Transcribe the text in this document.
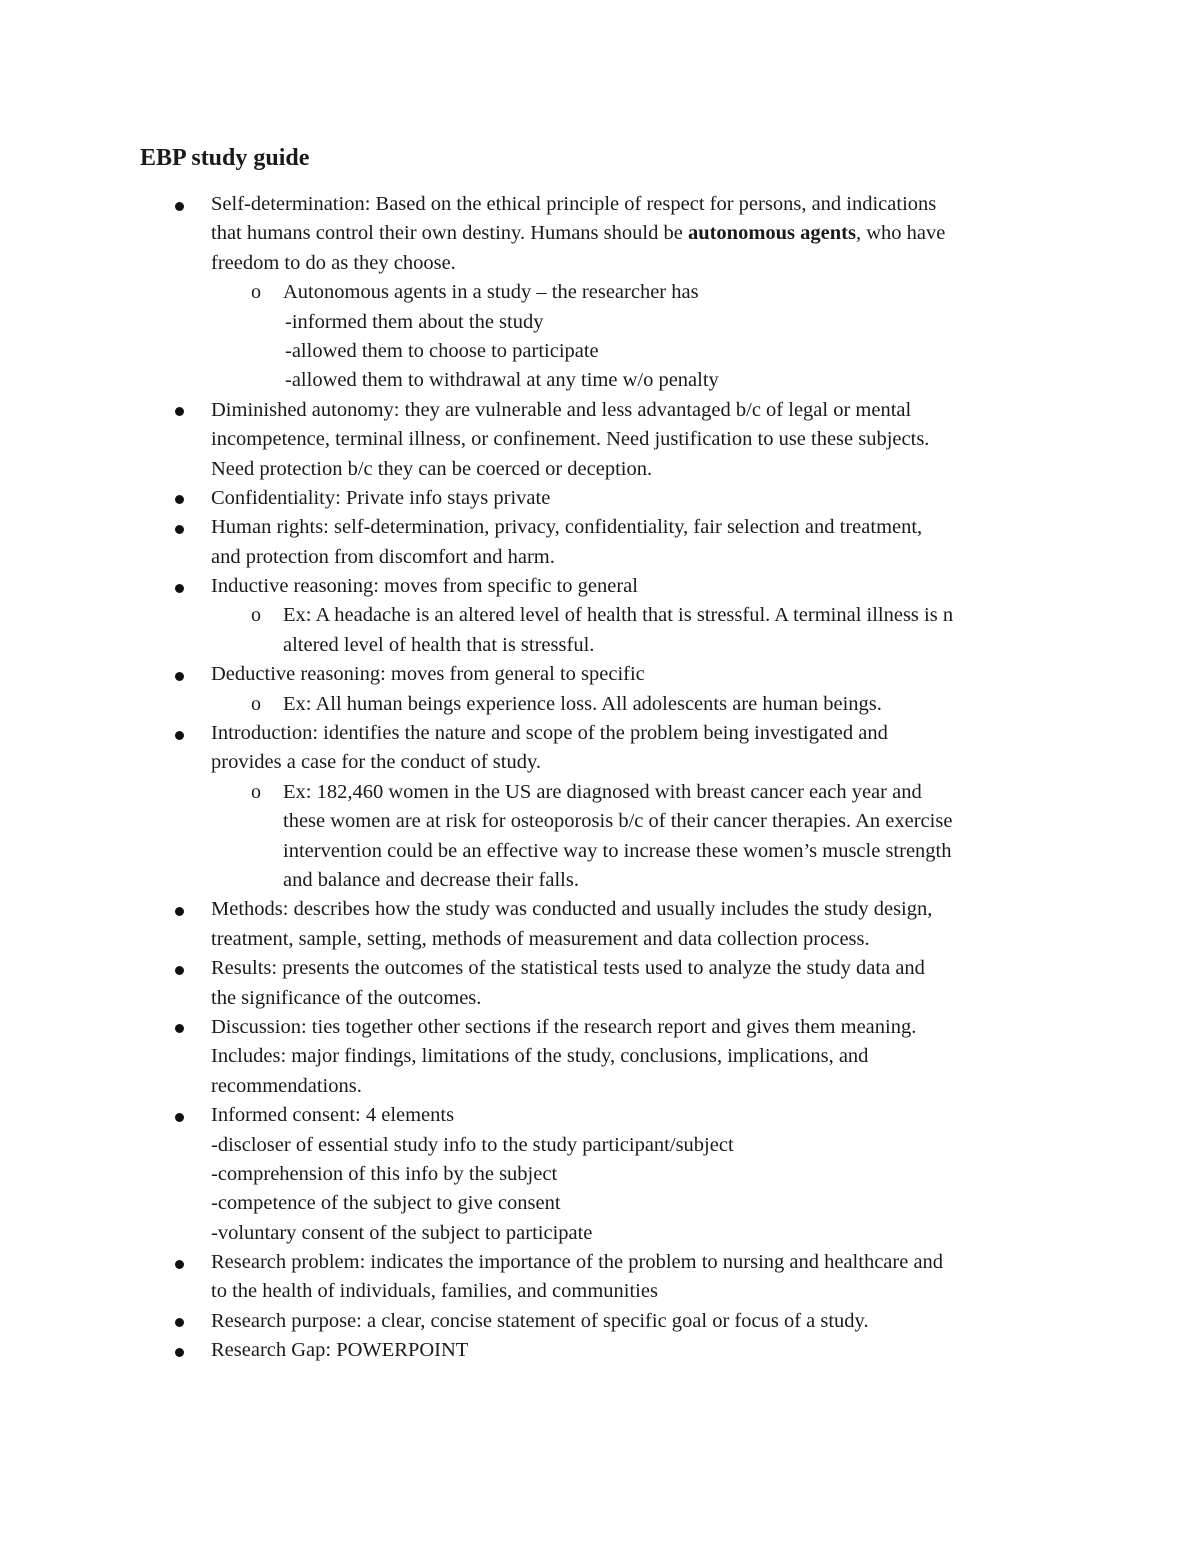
EBP study guide
Self-determination: Based on the ethical principle of respect for persons, and indications
that humans control their own destiny. Humans should be autonomous agents, who have
freedom to do as they choose.
o Autonomous agents in a study – the researcher has
-informed them about the study
-allowed them to choose to participate
-allowed them to withdrawal at any time w/o penalty
Diminished autonomy: they are vulnerable and less advantaged b/c of legal or mental
incompetence, terminal illness, or confinement. Need justification to use these subjects.
Need protection b/c they can be coerced or deception.
Confidentiality: Private info stays private
Human rights: self-determination, privacy, confidentiality, fair selection and treatment,
and protection from discomfort and harm.
Inductive reasoning: moves from specific to general
o Ex: A headache is an altered level of health that is stressful. A terminal illness is n
altered level of health that is stressful.
Deductive reasoning: moves from general to specific
o Ex: All human beings experience loss. All adolescents are human beings.
Introduction: identifies the nature and scope of the problem being investigated and
provides a case for the conduct of study.
o Ex: 182,460 women in the US are diagnosed with breast cancer each year and
these women are at risk for osteoporosis b/c of their cancer therapies. An exercise
intervention could be an effective way to increase these women’s muscle strength
and balance and decrease their falls.
Methods: describes how the study was conducted and usually includes the study design,
treatment, sample, setting, methods of measurement and data collection process.
Results: presents the outcomes of the statistical tests used to analyze the study data and
the significance of the outcomes.
Discussion: ties together other sections if the research report and gives them meaning.
Includes: major findings, limitations of the study, conclusions, implications, and
recommendations.
Informed consent: 4 elements
-discloser of essential study info to the study participant/subject
-comprehension of this info by the subject
-competence of the subject to give consent
-voluntary consent of the subject to participate
Research problem: indicates the importance of the problem to nursing and healthcare and
to the health of individuals, families, and communities
Research purpose: a clear, concise statement of specific goal or focus of a study.
Research Gap: POWERPOINT
